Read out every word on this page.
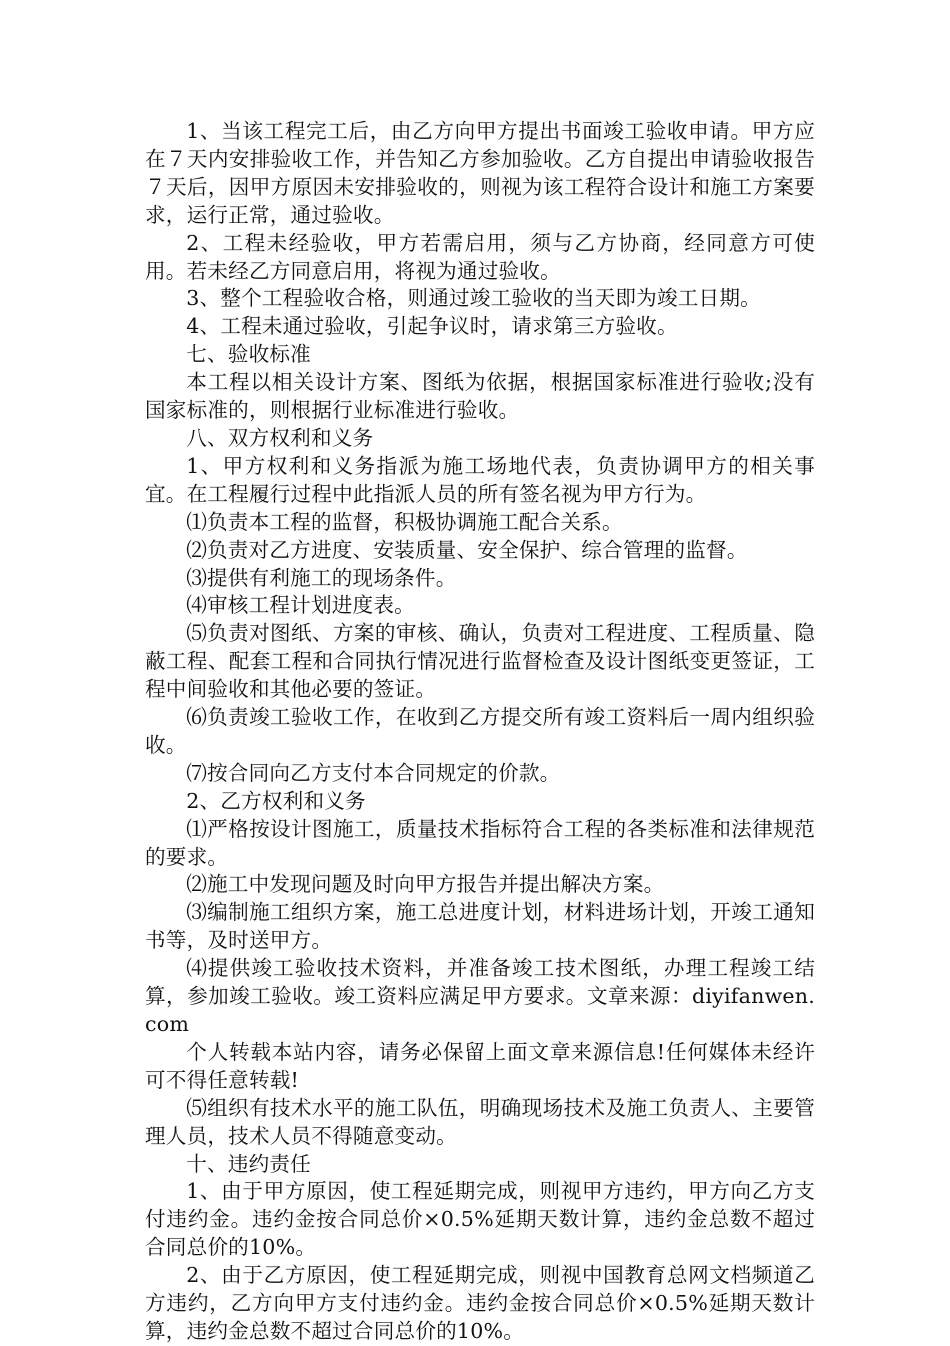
1、当该工程完工后，由乙方向甲方提出书面竣工验收申请。甲方应在７天内安排验收工作，并告知乙方参加验收。乙方自提出申请验收报告７天后，因甲方原因未安排验收的，则视为该工程符合设计和施工方案要求，运行正常，通过验收。

2、工程未经验收，甲方若需启用，须与乙方协商，经同意方可使用。若未经乙方同意启用，将视为通过验收。

3、整个工程验收合格，则通过竣工验收的当天即为竣工日期。

4、工程未通过验收，引起争议时，请求第三方验收。

七、验收标准

本工程以相关设计方案、图纸为依据，根据国家标准进行验收;没有国家标准的，则根据行业标准进行验收。

八、双方权利和义务

1、甲方权利和义务指派为施工场地代表，负责协调甲方的相关事宜。在工程履行过程中此指派人员的所有签名视为甲方行为。

⑴负责本工程的监督，积极协调施工配合关系。

⑵负责对乙方进度、安装质量、安全保护、综合管理的监督。

⑶提供有利施工的现场条件。

⑷审核工程计划进度表。

⑸负责对图纸、方案的审核、确认，负责对工程进度、工程质量、隐蔽工程、配套工程和合同执行情况进行监督检查及设计图纸变更签证，工程中间验收和其他必要的签证。

⑹负责竣工验收工作，在收到乙方提交所有竣工资料后一周内组织验收。

⑺按合同向乙方支付本合同规定的价款。

2、乙方权利和义务

⑴严格按设计图施工，质量技术指标符合工程的各类标准和法律规范的要求。

⑵施工中发现问题及时向甲方报告并提出解决方案。

⑶编制施工组织方案，施工总进度计划，材料进场计划，开竣工通知书等，及时送甲方。

⑷提供竣工验收技术资料，并准备竣工技术图纸，办理工程竣工结算，参加竣工验收。竣工资料应满足甲方要求。文章来源：diyifanwen.com

个人转载本站内容，请务必保留上面文章来源信息!任何媒体未经许可不得任意转载!

⑸组织有技术水平的施工队伍，明确现场技术及施工负责人、主要管理人员，技术人员不得随意变动。

十、违约责任

1、由于甲方原因，使工程延期完成，则视甲方违约，甲方向乙方支付违约金。违约金按合同总价×0.5%延期天数计算，违约金总数不超过合同总价的10%。

2、由于乙方原因，使工程延期完成，则视中国教育总网文档频道乙方违约，乙方向甲方支付违约金。违约金按合同总价×0.5%延期天数计算，违约金总数不超过合同总价的10%。
